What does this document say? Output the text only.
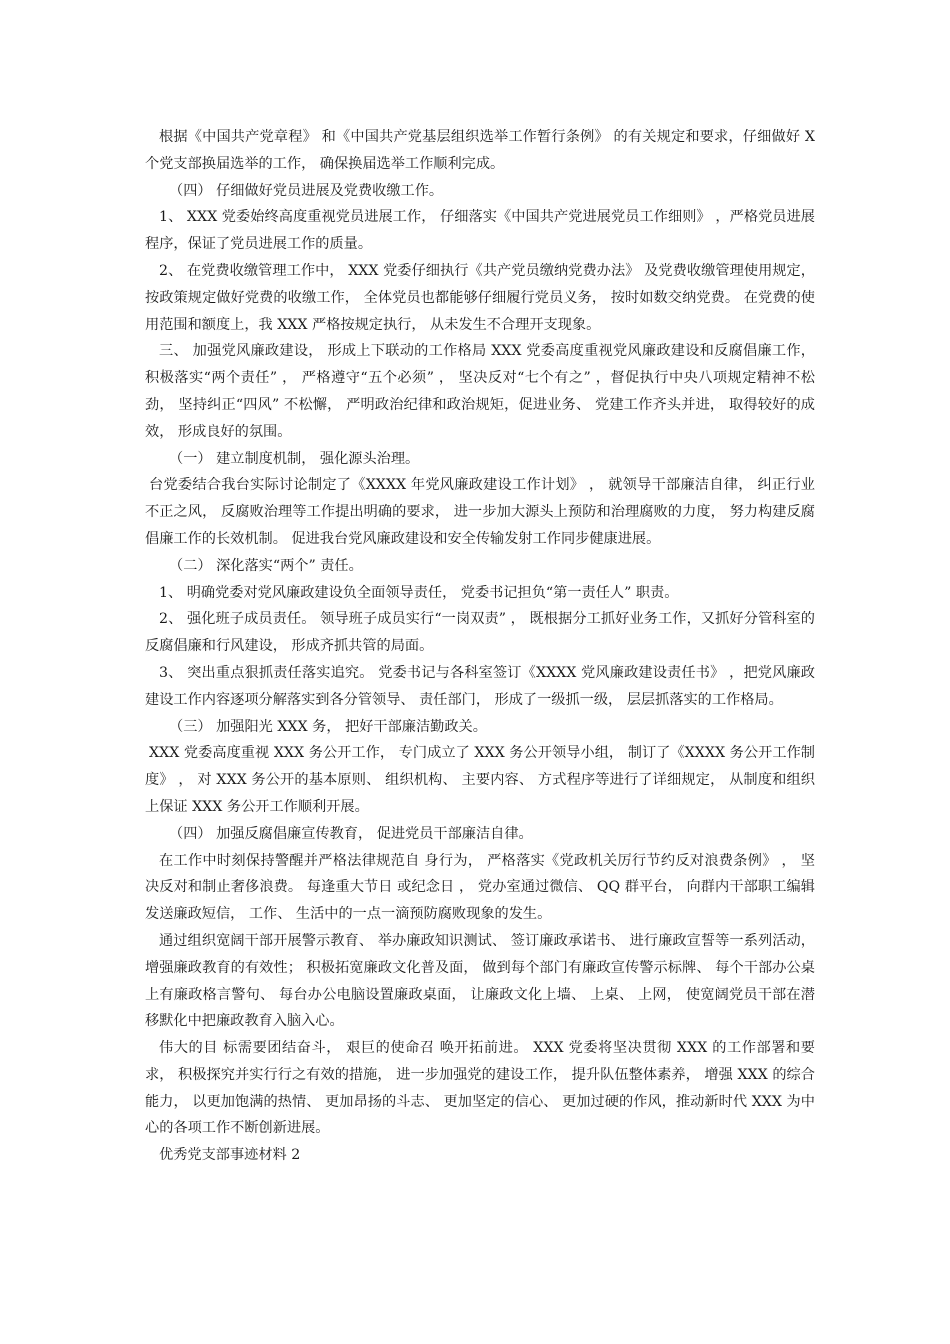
根据《中国共产党章程》 和《中国共产党基层组织选举工作暂行条例》 的有关规定和要求，仔细做好 X 个党支部换届选举的工作， 确保换届选举工作顺利完成。

（四） 仔细做好党员进展及党费收缴工作。

1、 XXX 党委始终高度重视党员进展工作， 仔细落实《中国共产党进展党员工作细则》 ，严格党员进展程序，保证了党员进展工作的质量。

2、 在党费收缴管理工作中， XXX 党委仔细执行《共产党员缴纳党费办法》 及党费收缴管理使用规定， 按政策规定做好党费的收缴工作， 全体党员也都能够仔细履行党员义务， 按时如数交纳党费。 在党费的使用范围和额度上，我 XXX 严格按规定执行， 从未发生不合理开支现象。

三、 加强党风廉政建设， 形成上下联动的工作格局 XXX 党委高度重视党风廉政建设和反腐倡廉工作， 积极落实“两个责任” ， 严格遵守“五个必须” ， 坚决反对“七个有之” ，督促执行中央八项规定精神不松劲， 坚持纠正“四风” 不松懈， 严明政治纪律和政治规矩，促进业务、 党建工作齐头并进， 取得较好的成效， 形成良好的氛围。

（一） 建立制度机制， 强化源头治理。

台党委结合我台实际讨论制定了《XXXX 年党风廉政建设工作计划》 ， 就领导干部廉洁自律， 纠正行业不正之风， 反腐败治理等工作提出明确的要求， 进一步加大源头上预防和治理腐败的力度， 努力构建反腐倡廉工作的长效机制。 促进我台党风廉政建设和安全传输发射工作同步健康进展。

（二） 深化落实“两个” 责任。

1、 明确党委对党风廉政建设负全面领导责任， 党委书记担负“第一责任人” 职责。

2、 强化班子成员责任。 领导班子成员实行“一岗双责” ， 既根据分工抓好业务工作，又抓好分管科室的反腐倡廉和行风建设， 形成齐抓共管的局面。

3、 突出重点狠抓责任落实追究。 党委书记与各科室签订《XXXX 党风廉政建设责任书》 ，把党风廉政建设工作内容逐项分解落实到各分管领导、 责任部门， 形成了一级抓一级， 层层抓落实的工作格局。

（三） 加强阳光 XXX 务， 把好干部廉洁勤政关。

XXX 党委高度重视 XXX 务公开工作， 专门成立了 XXX 务公开领导小组， 制订了《XXXX 务公开工作制度》 ， 对 XXX 务公开的基本原则、 组织机构、 主要内容、 方式程序等进行了详细规定， 从制度和组织上保证 XXX 务公开工作顺利开展。

（四） 加强反腐倡廉宣传教育， 促进党员干部廉洁自律。

在工作中时刻保持警醒并严格法律规范自 身行为， 严格落实《党政机关厉行节约反对浪费条例》 ， 坚决反对和制止奢侈浪费。 每逢重大节日 或纪念日 ， 党办室通过微信、 QQ 群平台， 向群内干部职工编辑发送廉政短信， 工作、 生活中的一点一滴预防腐败现象的发生。

通过组织宽阔干部开展警示教育、 举办廉政知识测试、 签订廉政承诺书、 进行廉政宣誓等一系列活动， 增强廉政教育的有效性； 积极拓宽廉政文化普及面， 做到每个部门有廉政宣传警示标牌、 每个干部办公桌上有廉政格言警句、 每台办公电脑设置廉政桌面， 让廉政文化上墙、 上桌、 上网， 使宽阔党员干部在潜移默化中把廉政教育入脑入心。

伟大的目 标需要团结奋斗， 艰巨的使命召 唤开拓前进。 XXX 党委将坚决贯彻 XXX 的工作部署和要求， 积极探究并实行行之有效的措施， 进一步加强党的建设工作， 提升队伍整体素养， 增强 XXX 的综合能力， 以更加饱满的热情、 更加昂扬的斗志、 更加坚定的信心、 更加过硬的作风，推动新时代 XXX 为中心的各项工作不断创新进展。

优秀党支部事迹材料 2
